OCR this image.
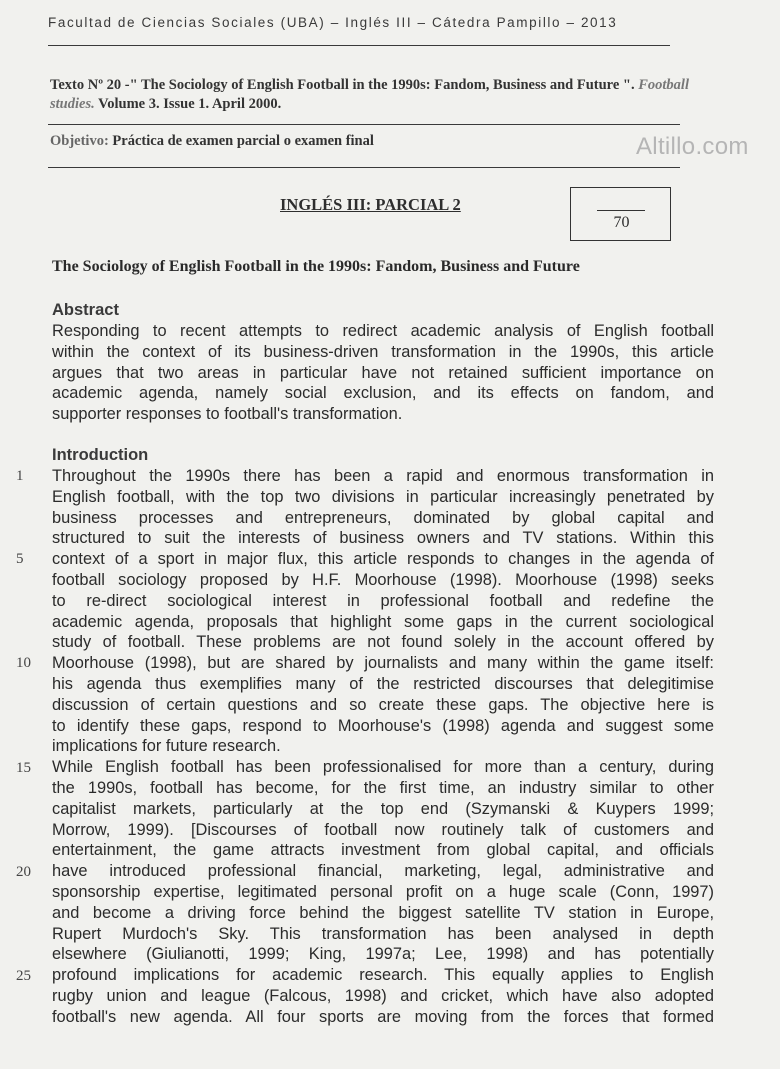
Facultad de Ciencias Sociales (UBA) – Inglés III – Cátedra Pampillo – 2013
Texto Nº 20 -" The Sociology of English Football in the 1990s: Fandom, Business and Future ". Football studies. Volume 3. Issue 1. April 2000.
Objetivo: Práctica de examen parcial o examen final	Altillo.com
INGLÉS III: PARCIAL 2
70
The Sociology of English Football in the 1990s: Fandom, Business and Future
Abstract
Responding to recent attempts to redirect academic analysis of English football
within the context of its business-driven transformation in the 1990s, this article
argues that two areas in particular have not retained sufficient importance on
academic agenda, namely social exclusion, and its effects on fandom, and
supporter responses to football's transformation.
Introduction
1
5
10
15
20
25
Throughout the 1990s there has been a rapid and enormous transformation in
English football, with the top two divisions in particular increasingly penetrated by
business processes and entrepreneurs, dominated by global capital and
structured to suit the interests of business owners and TV stations. Within this
context of a sport in major flux, this article responds to changes in the agenda of
football sociology proposed by H.F. Moorhouse (1998). Moorhouse (1998) seeks
to re-direct sociological interest in professional football and redefine the
academic agenda, proposals that highlight some gaps in the current sociological
study of football. These problems are not found solely in the account offered by
Moorhouse (1998), but are shared by journalists and many within the game itself:
his agenda thus exemplifies many of the restricted discourses that delegitimise
discussion of certain questions and so create these gaps. The objective here is
to identify these gaps, respond to Moorhouse's (1998) agenda and suggest some
implications for future research.
While English football has been professionalised for more than a century, during
the 1990s, football has become, for the first time, an industry similar to other
capitalist markets, particularly at the top end (Szymanski & Kuypers 1999;
Morrow, 1999). [Discourses of football now routinely talk of customers and
entertainment, the game attracts investment from global capital, and officials
have introduced professional financial, marketing, legal, administrative and
sponsorship expertise, legitimated personal profit on a huge scale (Conn, 1997)
and become a driving force behind the biggest satellite TV station in Europe,
Rupert Murdoch's Sky. This transformation has been analysed in depth
elsewhere (Giulianotti, 1999; King, 1997a; Lee, 1998) and has potentially
profound implications for academic research. This equally applies to English
rugby union and league (Falcous, 1998) and cricket, which have also adopted
football's new agenda. All four sports are moving from the forces that formed
